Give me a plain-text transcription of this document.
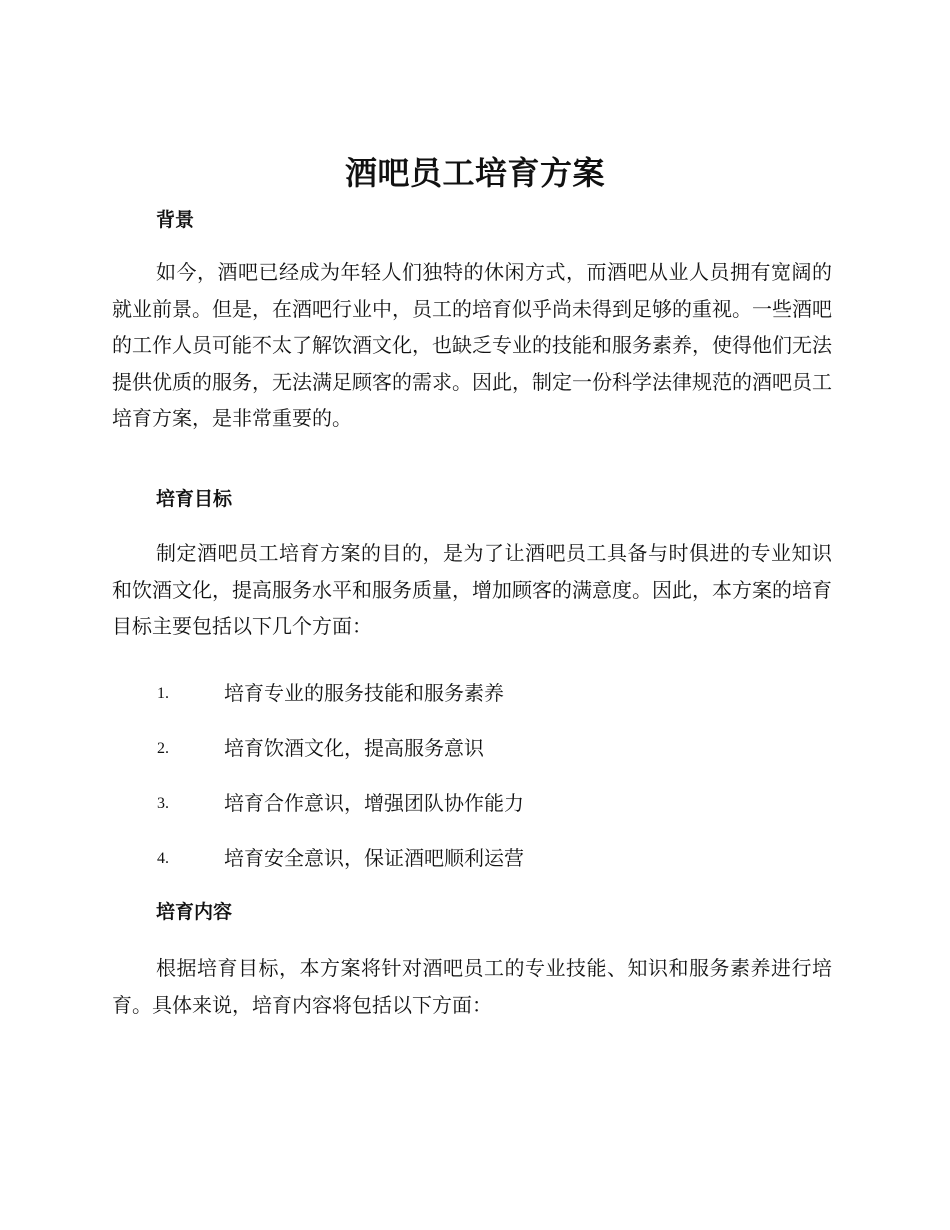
酒吧员工培育方案
背景

如今，酒吧已经成为年轻人们独特的休闲方式，而酒吧从业人员拥有宽阔的就业前景。但是，在酒吧行业中，员工的培育似乎尚未得到足够的重视。一些酒吧的工作人员可能不太了解饮酒文化，也缺乏专业的技能和服务素养，使得他们无法提供优质的服务，无法满足顾客的需求。因此，制定一份科学法律规范的酒吧员工培育方案，是非常重要的。

培育目标

制定酒吧员工培育方案的目的，是为了让酒吧员工具备与时俱进的专业知识和饮酒文化，提高服务水平和服务质量，增加顾客的满意度。因此，本方案的培育目标主要包括以下几个方面：

1.	培育专业的服务技能和服务素养
2.	培育饮酒文化，提高服务意识
3.	培育合作意识，增强团队协作能力
4.	培育安全意识，保证酒吧顺利运营
培育内容

根据培育目标，本方案将针对酒吧员工的专业技能、知识和服务素养进行培育。具体来说，培育内容将包括以下方面：
